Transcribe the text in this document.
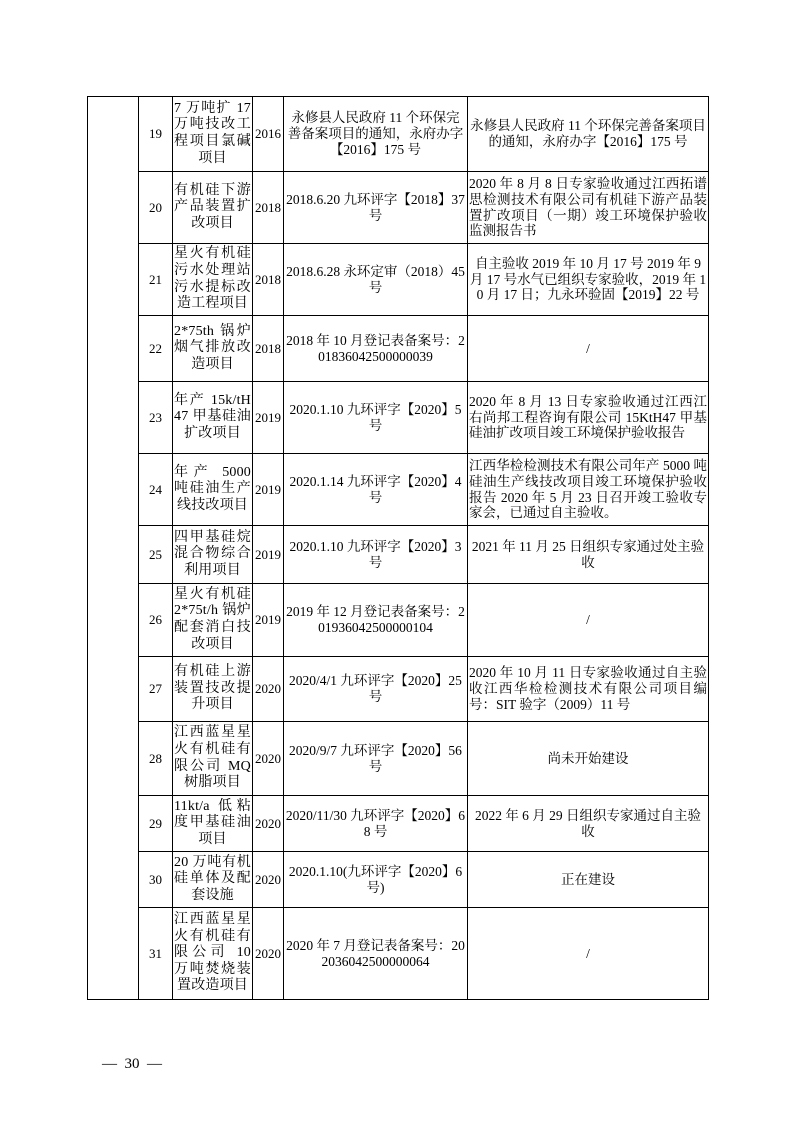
	19	7 万吨扩 17 万吨技改工程项目氯碱项目	2016	永修县人民政府 11 个环保完善备案项目的通知，永府办字【2016】175 号	永修县人民政府 11 个环保完善备案项目的通知，永府办字【2016】175 号
	20	有机硅下游产品装置扩改项目	2018	2018.6.20 九环评字【2018】37 号	2020 年 8 月 8 日专家验收通过江西拓谱思检测技术有限公司有机硅下游产品装置扩改项目（一期）竣工环境保护验收监测报告书
	21	星火有机硅污水处理站污水提标改造工程项目	2018	2018.6.28 永环定审（2018）45 号	自主验收 2019 年 10 月 17 号 2019 年 9 月 17 号水气已组织专家验收，2019 年 10 月 17 日；九永环验固【2019】22 号
	22	2*75th 锅炉烟气排放改造项目	2018	2018 年 10 月登记表备案号：201836042500000039	/
	23	年产 15k/tH47 甲基硅油扩改项目	2019	2020.1.10 九环评字【2020】5 号	2020 年 8 月 13 日专家验收通过江西江右尚邦工程咨询有限公司 15KtH47 甲基硅油扩改项目竣工环境保护验收报告
	24	年产 5000 吨硅油生产线技改项目	2019	2020.1.14 九环评字【2020】4 号	江西华检检测技术有限公司年产 5000 吨硅油生产线技改项目竣工环境保护验收报告 2020 年 5 月 23 日召开竣工验收专家会，已通过自主验收。
	25	四甲基硅烷混合物综合利用项目	2019	2020.1.10 九环评字【2020】3 号	2021 年 11 月 25 日组织专家通过处主验收
	26	星火有机硅 2*75t/h 锅炉配套消白技改项目	2019	2019 年 12 月登记表备案号：201936042500000104	/
	27	有机硅上游装置技改提升项目	2020	2020/4/1 九环评字【2020】25 号	2020 年 10 月 11 日专家验收通过自主验收江西华检检测技术有限公司项目编号：SIT 验字（2009）11 号
	28	江西蓝星星火有机硅有限公司 MQ 树脂项目	2020	2020/9/7 九环评字【2020】56 号	尚未开始建设
	29	11kt/a 低粘度甲基硅油项目	2020	2020/11/30 九环评字【2020】68 号	2022 年 6 月 29 日组织专家通过自主验收
	30	20 万吨有机硅单体及配套设施	2020	2020.1.10(九环评字【2020】6 号)	正在建设
	31	江西蓝星星火有机硅有限公司 10 万吨焚烧装置改造项目	2020	2020 年 7 月登记表备案号：202036042500000064	/
—  30  —
